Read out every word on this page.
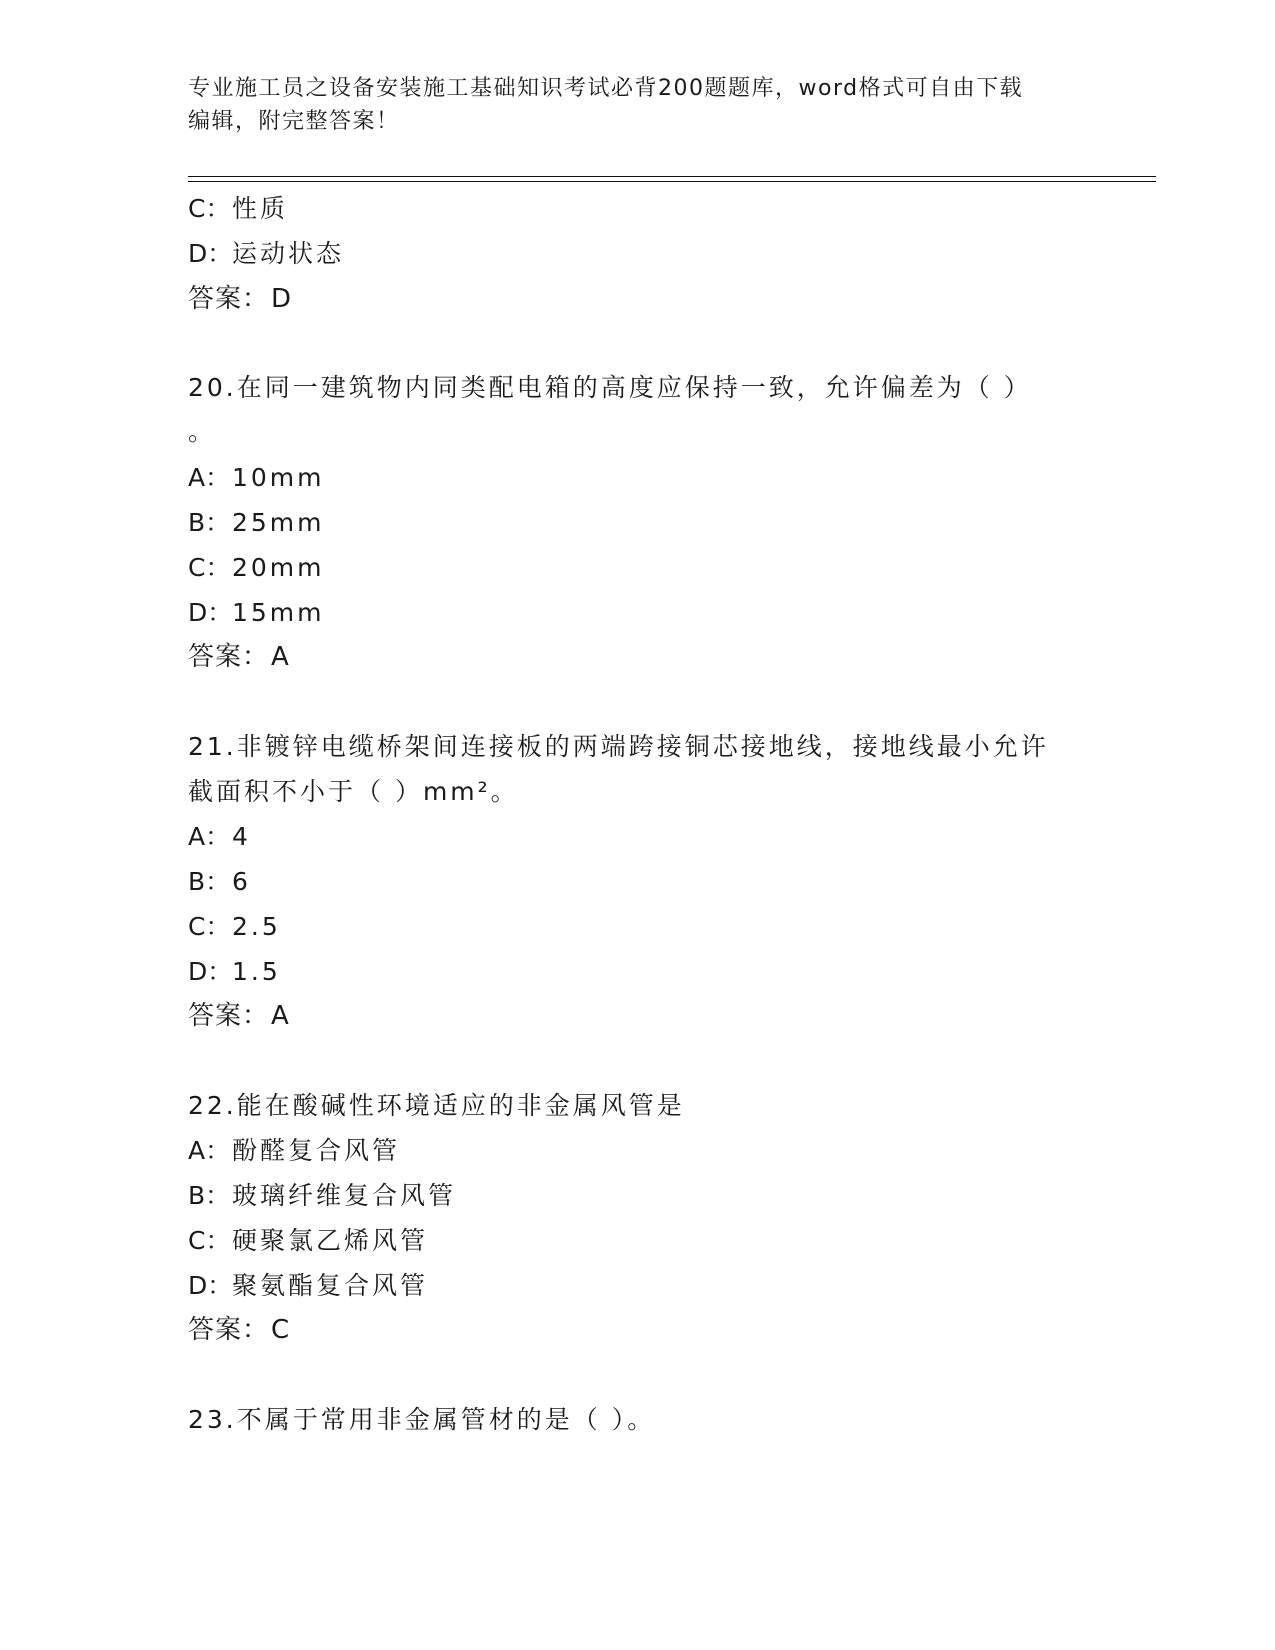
专业施工员之设备安装施工基础知识考试必背200题题库，word格式可自由下载
编辑，附完整答案！
C：性质
D：运动状态
答案：D
20.在同一建筑物内同类配电箱的高度应保持一致，允许偏差为（ ）
。
A：10mm
B：25mm
C：20mm
D：15mm
答案：A
21.非镀锌电缆桥架间连接板的两端跨接铜芯接地线，接地线最小允许
截面积不小于（ ）mm²。
A：4
B：6
C：2.5
D：1.5
答案：A
22.能在酸碱性环境适应的非金属风管是
A：酚醛复合风管
B：玻璃纤维复合风管
C：硬聚氯乙烯风管
D：聚氨酯复合风管
答案：C
23.不属于常用非金属管材的是（ ）。
